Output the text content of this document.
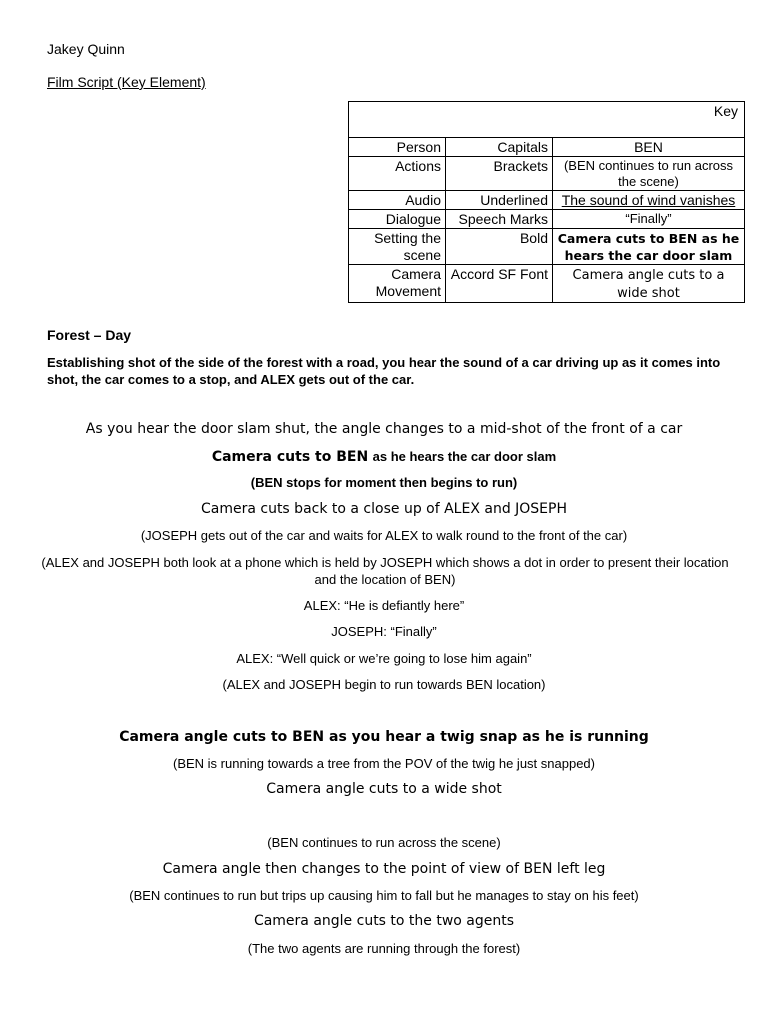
Jakey Quinn
Film Script (Key Element)
Key		
Person	Capitals	BEN
Actions	Brackets	(BEN continues to run across the scene)
Audio	Underlined	The sound of wind vanishes
Dialogue	Speech Marks	“Finally”
Setting the scene	Bold	Camera cuts to BEN as he hears the car door slam
Camera Movement	Accord SF Font	Camera angle cuts to a wide shot
Forest – Day
Establishing shot of the side of the forest with a road, you hear the sound of a car driving up as it comes into shot, the car comes to a stop, and ALEX gets out of the car.
As you hear the door slam shut, the angle changes to a mid-shot of the front of a car
Camera cuts to BEN as he hears the car door slam
(BEN stops for moment then begins to run)
Camera cuts back to a close up of ALEX and JOSEPH
(JOSEPH gets out of the car and waits for ALEX to walk round to the front of the car)
(ALEX and JOSEPH both look at a phone which is held by JOSEPH which shows a dot in order to present their location and the location of BEN)
ALEX: “He is defiantly here”
JOSEPH: “Finally”
ALEX: “Well quick or we’re going to lose him again”
(ALEX and JOSEPH begin to run towards BEN location)
Camera angle cuts to BEN as you hear a twig snap as he is running
(BEN is running towards a tree from the POV of the twig he just snapped)
Camera angle cuts to a wide shot
(BEN continues to run across the scene)
Camera angle then changes to the point of view of BEN left leg
(BEN continues to run but trips up causing him to fall but he manages to stay on his feet)
Camera angle cuts to the two agents
(The two agents are running through the forest)
